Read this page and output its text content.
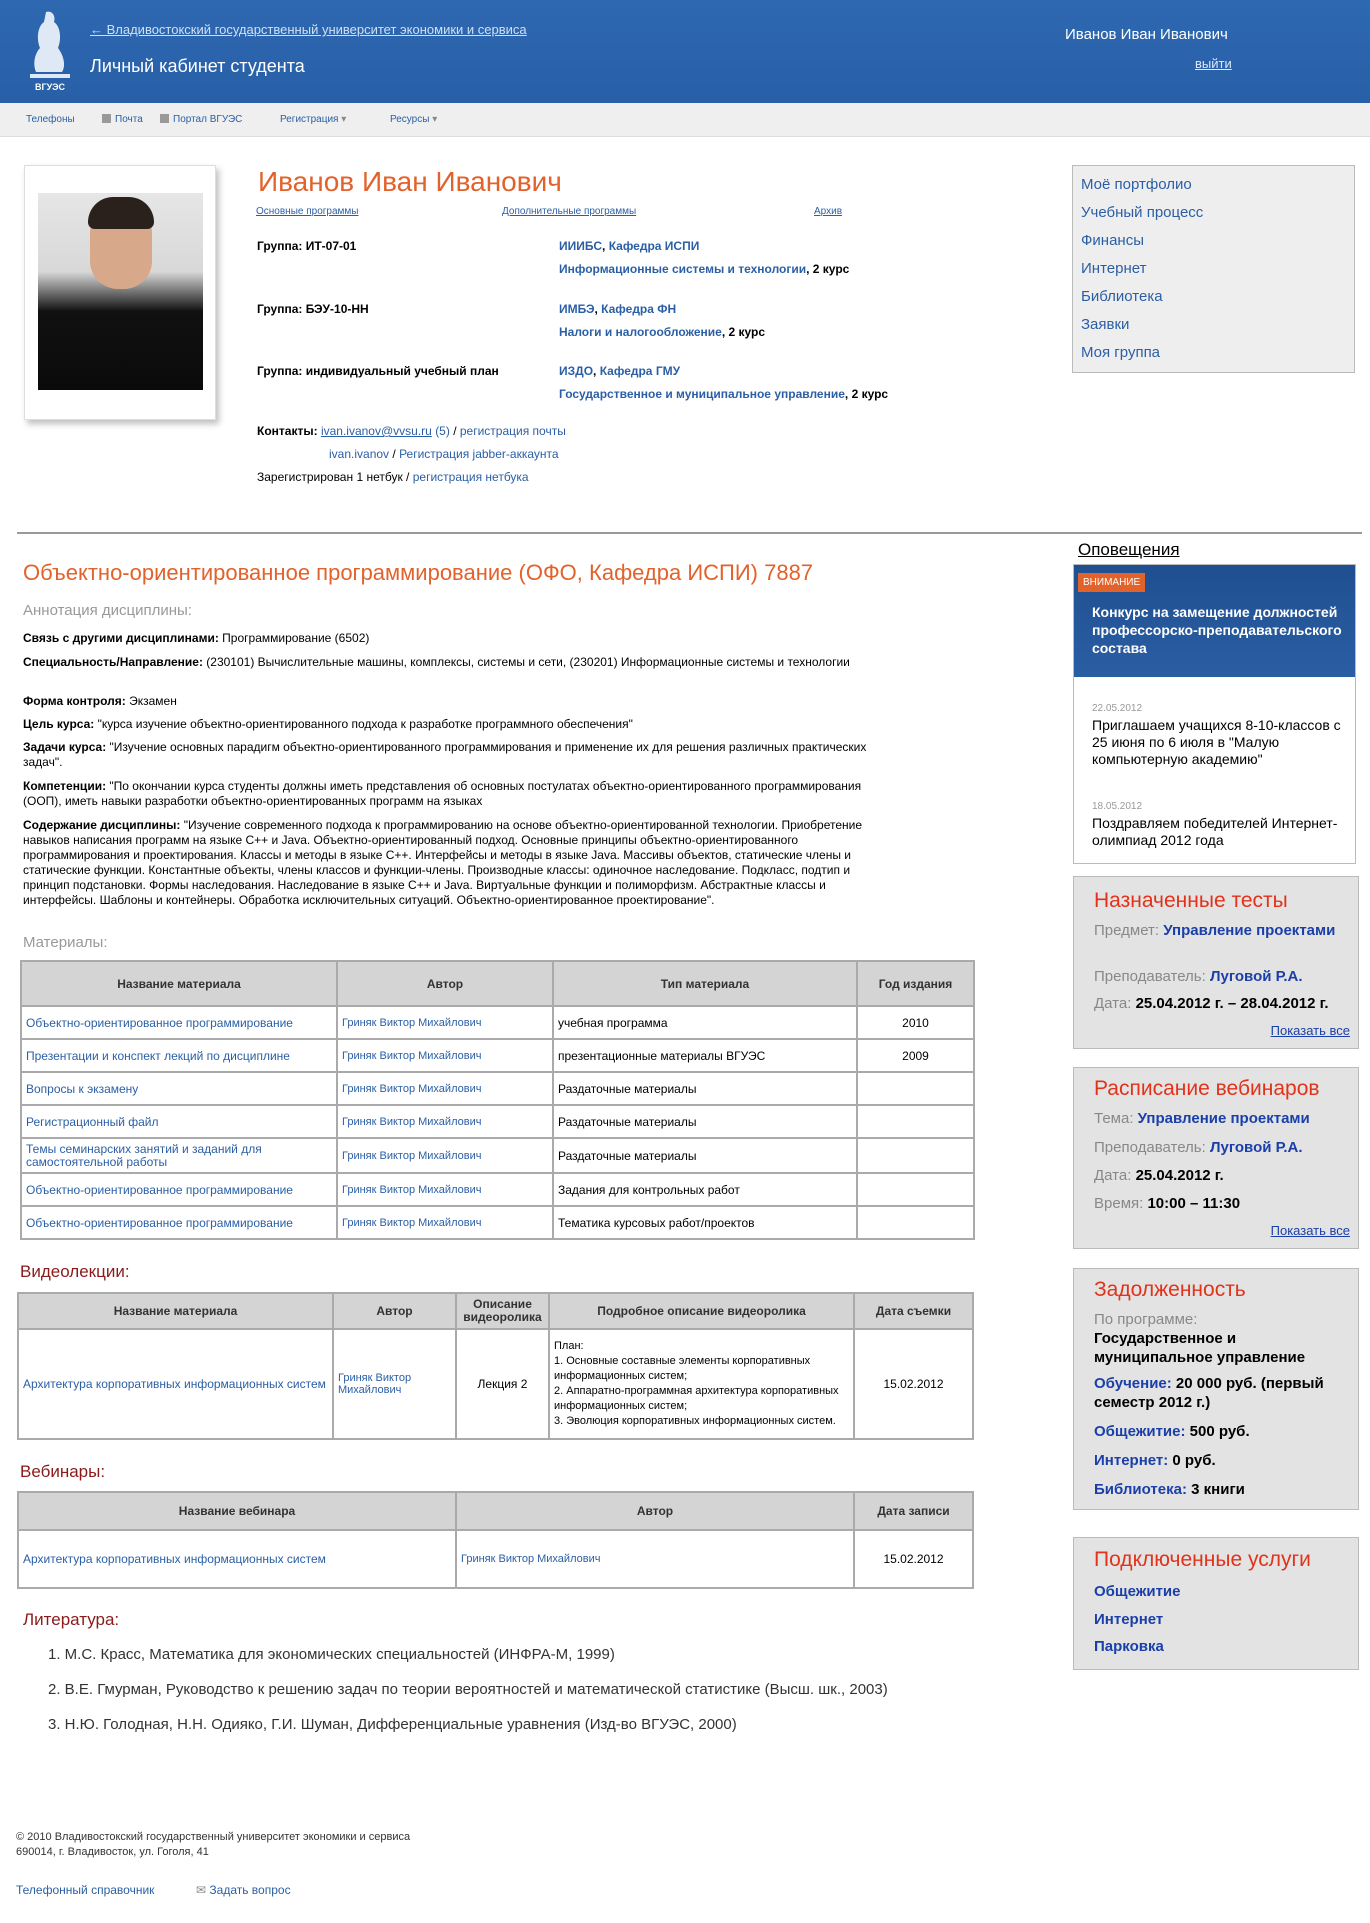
ВГУЭС
← Владивостокский государственный университет экономики и сервиса
Личный кабинет студента
Иванов Иван Иванович
выйти
Телефоны	Почта	Портал ВГУЭС	Регистрация ▾	Ресурсы ▾
Иванов Иван Иванович
Основные программы	Дополнительные программы	Архив
Группа: ИТ-07-01	ИИИБС, Кафедра ИСПИ
Информационные системы и технологии, 2 курс
Группа: БЭУ-10-НН	ИМБЭ, Кафедра ФН
Налоги и налогообложение, 2 курс
Группа: индивидуальный учебный план	ИЗДО, Кафедра ГМУ
Государственное и муниципальное управление, 2 курс
Контакты: ivan.ivanov@vvsu.ru (5) / регистрация почты
ivan.ivanov / Регистрация jabber-аккаунта
Зарегистрирован 1 нетбук / регистрация нетбука
Моё портфолио
Учебный процесс
Финансы
Интернет
Библиотека
Заявки
Моя группа
Объектно-ориентированное программирование (ОФО, Кафедра ИСПИ) 7887
Аннотация дисциплины:
Связь с другими дисциплинами: Программирование (6502)
Специальность/Направление: (230101) Вычислительные машины, комплексы, системы и сети, (230201) Информационные системы и технологии
Форма контроля: Экзамен
Цель курса: "курса изучение объектно-ориентированного подхода к разработке программного обеспечения"
Задачи курса: "Изучение основных парадигм объектно-ориентированного программирования и применение их для решения различных практических задач".
Компетенции: "По окончании курса студенты должны иметь представления об основных постулатах объектно-ориентированного программирования (ООП), иметь навыки разработки объектно-ориентированных программ на языках
Содержание дисциплины: "Изучение современного подхода к программированию на основе объектно-ориентированной технологии. Приобретение навыков написания программ на языке C++ и Java. Объектно-ориентированный подход. Основные принципы объектно-ориентированного программирования и проектирования. Классы и методы в языке C++. Интерфейсы и методы в языке Java. Массивы объектов, статические члены и статические функции. Константные объекты, члены классов и функции-члены. Производные классы: одиночное наследование. Подкласс, подтип и принцип подстановки. Формы наследования. Наследование в языке C++ и Java. Виртуальные функции и полиморфизм. Абстрактные классы и интерфейсы. Шаблоны и контейнеры. Обработка исключительных ситуаций. Объектно-ориентированное проектирование".
Материалы:
Название материала	Автор	Тип материала	Год издания
Объектно-ориентированное программирование	Гриняк Виктор Михайлович	учебная программа	2010
Презентации и конспект лекций по дисциплине	Гриняк Виктор Михайлович	презентационные материалы ВГУЭС	2009
Вопросы к экзамену	Гриняк Виктор Михайлович	Раздаточные материалы	
Регистрационный файл	Гриняк Виктор Михайлович	Раздаточные материалы	
Темы семинарских занятий и заданий для самостоятельной работы	Гриняк Виктор Михайлович	Раздаточные материалы	
Объектно-ориентированное программирование	Гриняк Виктор Михайлович	Задания для контрольных работ	
Объектно-ориентированное программирование	Гриняк Виктор Михайлович	Тематика курсовых работ/проектов	
Видеолекции:
Название материала	Автор	Описание видеоролика	Подробное описание видеоролика	Дата съемки
Архитектура корпоративных информационных систем	Гриняк Виктор Михайлович	Лекция 2	План:
1. Основные составные элементы корпоративных информационных систем;
2. Аппаратно-программная архитектура корпоративных информационных систем;
3. Эволюция корпоративных информационных систем.	15.02.2012
Вебинары:
Название вебинара	Автор	Дата записи
Архитектура корпоративных информационных систем	Гриняк Виктор Михайлович	15.02.2012
Литература:
1. М.С. Красс, Математика для экономических специальностей (ИНФРА-М, 1999)
2. В.Е. Гмурман, Руководство к решению задач по теории вероятностей и математической статистике (Высш. шк., 2003)
3. Н.Ю. Голодная, Н.Н. Одияко, Г.И. Шуман, Дифференциальные уравнения (Изд-во ВГУЭС, 2000)
Оповещения
ВНИМАНИЕ
Конкурс на замещение должностей профессорско-преподавательского состава
22.05.2012
Приглашаем учащихся 8-10-классов с 25 июня по 6 июля в "Малую компьютерную академию"
18.05.2012
Поздравляем победителей Интернет-олимпиад 2012 года
Назначенные тесты
Предмет: Управление проектами
Преподаватель: Луговой Р.А.
Дата: 25.04.2012 г. – 28.04.2012 г.
Показать все
Расписание вебинаров
Тема: Управление проектами
Преподаватель: Луговой Р.А.
Дата: 25.04.2012 г.
Время: 10:00 – 11:30
Показать все
Задолженность
По программе:
Государственное и муниципальное управление
Обучение: 20 000 руб. (первый семестр 2012 г.)
Общежитие: 500 руб.
Интернет: 0 руб.
Библиотека: 3 книги
Подключенные услуги
Общежитие
Интернет
Парковка
© 2010 Владивостокский государственный университет экономики и сервиса
690014, г. Владивосток, ул. Гоголя, 41
Телефонный справочник	✉ Задать вопрос
